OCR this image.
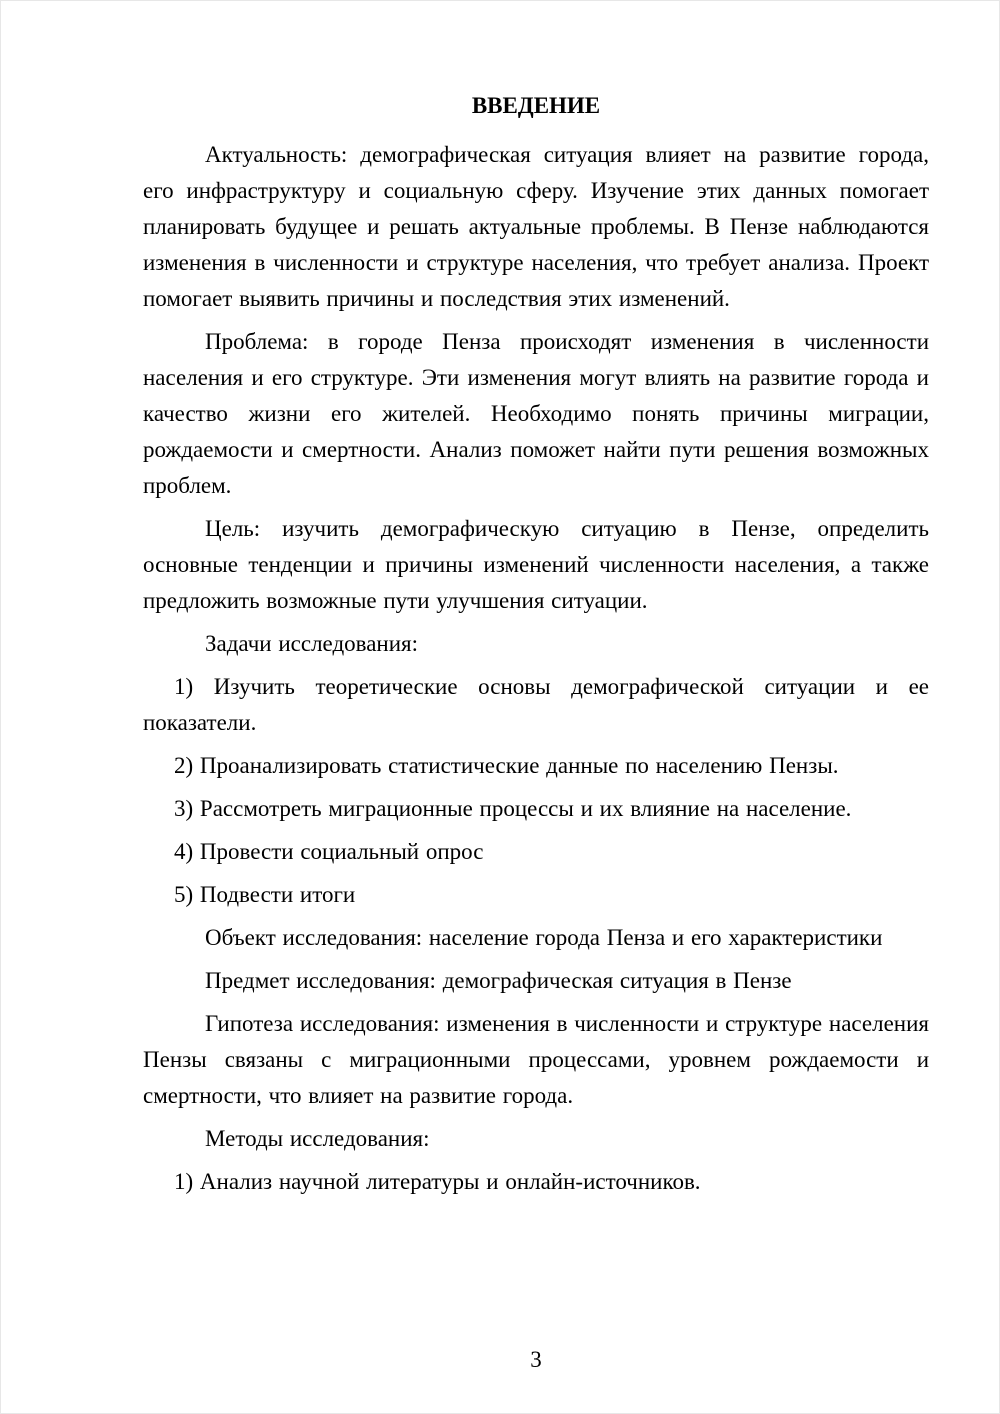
ВВЕДЕНИЕ

Актуальность: демографическая ситуация влияет на развитие города, его инфраструктуру и социальную сферу. Изучение этих данных помогает планировать будущее и решать актуальные проблемы. В Пензе наблюдаются изменения в численности и структуре населения, что требует анализа. Проект помогает выявить причины и последствия этих изменений.

Проблема: в городе Пенза происходят изменения в численности населения и его структуре. Эти изменения могут влиять на развитие города и качество жизни его жителей. Необходимо понять причины миграции, рождаемости и смертности. Анализ поможет найти пути решения возможных проблем.

Цель: изучить демографическую ситуацию в Пензе, определить основные тенденции и причины изменений численности населения, а также предложить возможные пути улучшения ситуации.

Задачи исследования:

1) Изучить теоретические основы демографической ситуации и ее показатели.

2) Проанализировать статистические данные по населению Пензы.

3) Рассмотреть миграционные процессы и их влияние на население.

4) Провести социальный опрос

5) Подвести итоги

Объект исследования: население города Пенза и его характеристики

Предмет исследования: демографическая ситуация в Пензе

Гипотеза исследования: изменения в численности и структуре населения Пензы связаны с миграционными процессами, уровнем рождаемости и смертности, что влияет на развитие города.

Методы исследования:

1) Анализ научной литературы и онлайн-источников.

3
